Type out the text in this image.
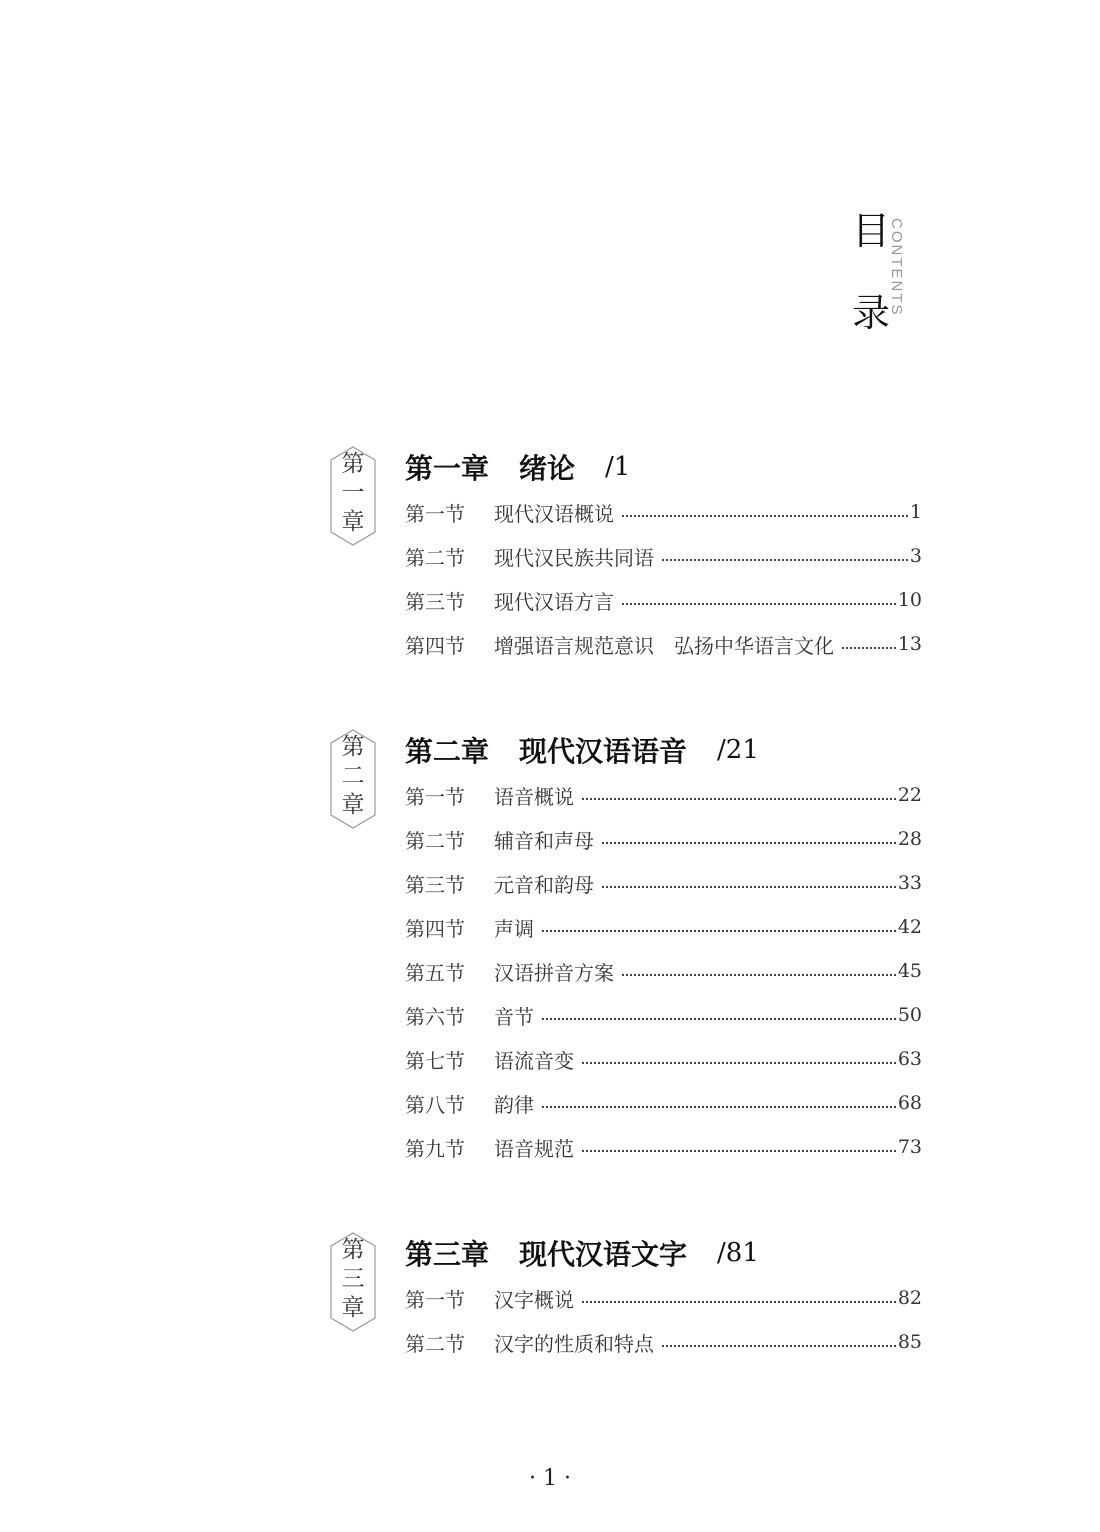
目
录
CONTENTS
第
一
章
第一章 绪论 /1
第一节	现代汉语概说	1
第二节	现代汉民族共同语	3
第三节	现代汉语方言	10
第四节	增强语言规范意识　弘扬中华语言文化	13
第
二
章
第二章 现代汉语语音 /21
第一节	语音概说	22
第二节	辅音和声母	28
第三节	元音和韵母	33
第四节	声调	42
第五节	汉语拼音方案	45
第六节	音节	50
第七节	语流音变	63
第八节	韵律	68
第九节	语音规范	73
第
三
章
第三章 现代汉语文字 /81
第一节	汉字概说	82
第二节	汉字的性质和特点	85
· 1 ·
